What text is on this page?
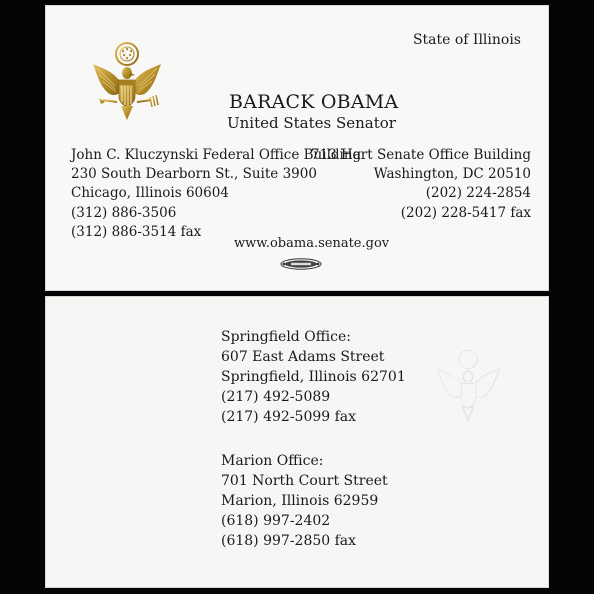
State of Illinois

BARACK OBAMA

United States Senator

John C. Kluczynski Federal Office Building
230 South Dearborn St., Suite 3900
Chicago, Illinois 60604
(312) 886-3506
(312) 886-3514 fax
713 Hart Senate Office Building
Washington, DC 20510
(202) 224-2854
(202) 228-5417 fax

www.obama.senate.gov

Springfield Office:
607 East Adams Street
Springfield, Illinois 62701
(217) 492-5089
(217) 492-5099 fax
Marion Office:
701 North Court Street
Marion, Illinois 62959
(618) 997-2402
(618) 997-2850 fax
